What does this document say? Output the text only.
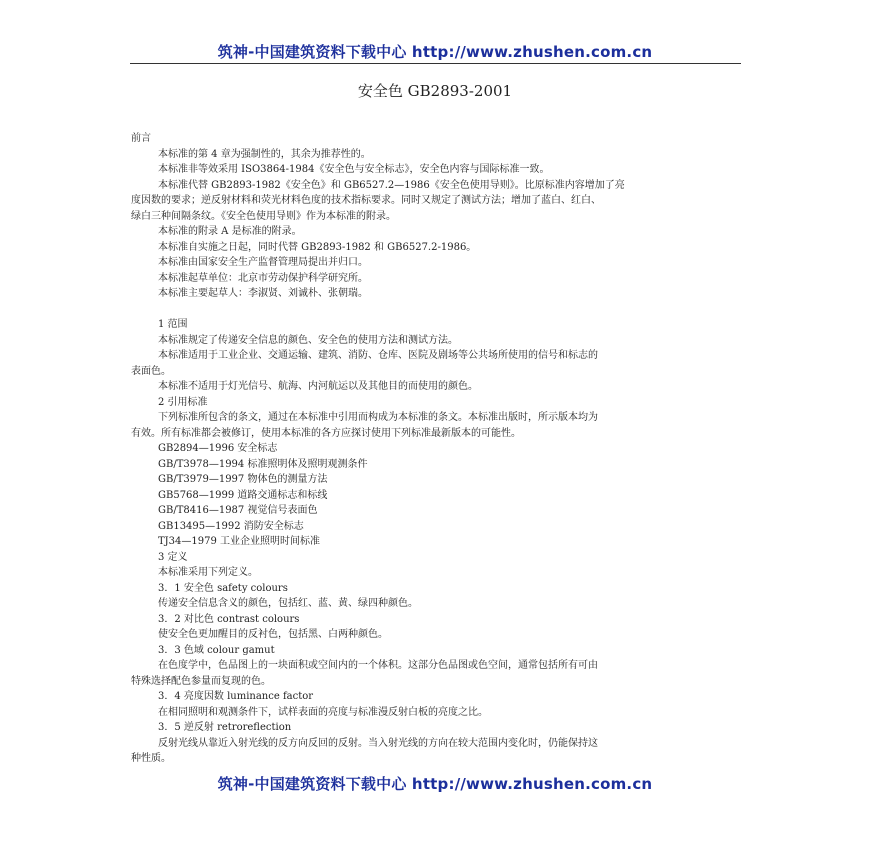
筑神-中国建筑资料下载中心 http://www.zhushen.com.cn
安全色 GB2893-2001
前言
本标准的第 4 章为强制性的，其余为推荐性的。
本标准非等效采用 ISO3864-1984《安全色与安全标志》，安全色内容与国际标准一致。
本标准代替 GB2893-1982《安全色》和 GB6527.2—1986《安全色使用导则》。比原标准内容增加了亮
度因数的要求；逆反射材料和荧光材料色度的技术指标要求。同时又规定了测试方法；增加了蓝白、红白、
绿白三种间隔条纹。《安全色使用导则》作为本标准的附录。
本标准的附录 A 是标准的附录。
本标准自实施之日起，同时代替 GB2893-1982 和 GB6527.2-1986。
本标准由国家安全生产监督管理局提出并归口。
本标准起草单位：北京市劳动保护科学研究所。
本标准主要起草人：李淑贤、刘诚朴、张朝瑞。
1 范围
本标准规定了传递安全信息的颜色、安全色的使用方法和测试方法。
本标准适用于工业企业、交通运输、建筑、消防、仓库、医院及剧场等公共场所使用的信号和标志的
表面色。
本标准不适用于灯光信号、航海、内河航运以及其他目的而使用的颜色。
2 引用标准
下列标准所包含的条文，通过在本标准中引用而构成为本标准的条文。本标准出版时，所示版本均为
有效。所有标准都会被修订，使用本标准的各方应探讨使用下列标准最新版本的可能性。
GB2894—1996 安全标志
GB/T3978—1994 标准照明体及照明观测条件
GB/T3979—1997 物体色的测量方法
GB5768—1999 道路交通标志和标线
GB/T8416—1987 视觉信号表面色
GB13495—1992 消防安全标志
TJ34—1979 工业企业照明时间标准
3 定义
本标准采用下列定义。
3．1 安全色 safety colours
传递安全信息含义的颜色，包括红、蓝、黄、绿四种颜色。
3．2 对比色 contrast colours
使安全色更加醒目的反衬色，包括黑、白两种颜色。
3．3 色域 colour gamut
在色度学中，色品图上的一块面积或空间内的一个体积。这部分色品图或色空间，通常包括所有可由
特殊选择配色参量而复现的色。
3．4 亮度因数 luminance factor
在相同照明和观测条件下，试样表面的亮度与标准漫反射白板的亮度之比。
3．5 逆反射 retroreflection
反射光线从靠近入射光线的反方向反回的反射。当入射光线的方向在较大范围内变化时，仍能保持这
种性质。
筑神-中国建筑资料下载中心 http://www.zhushen.com.cn
